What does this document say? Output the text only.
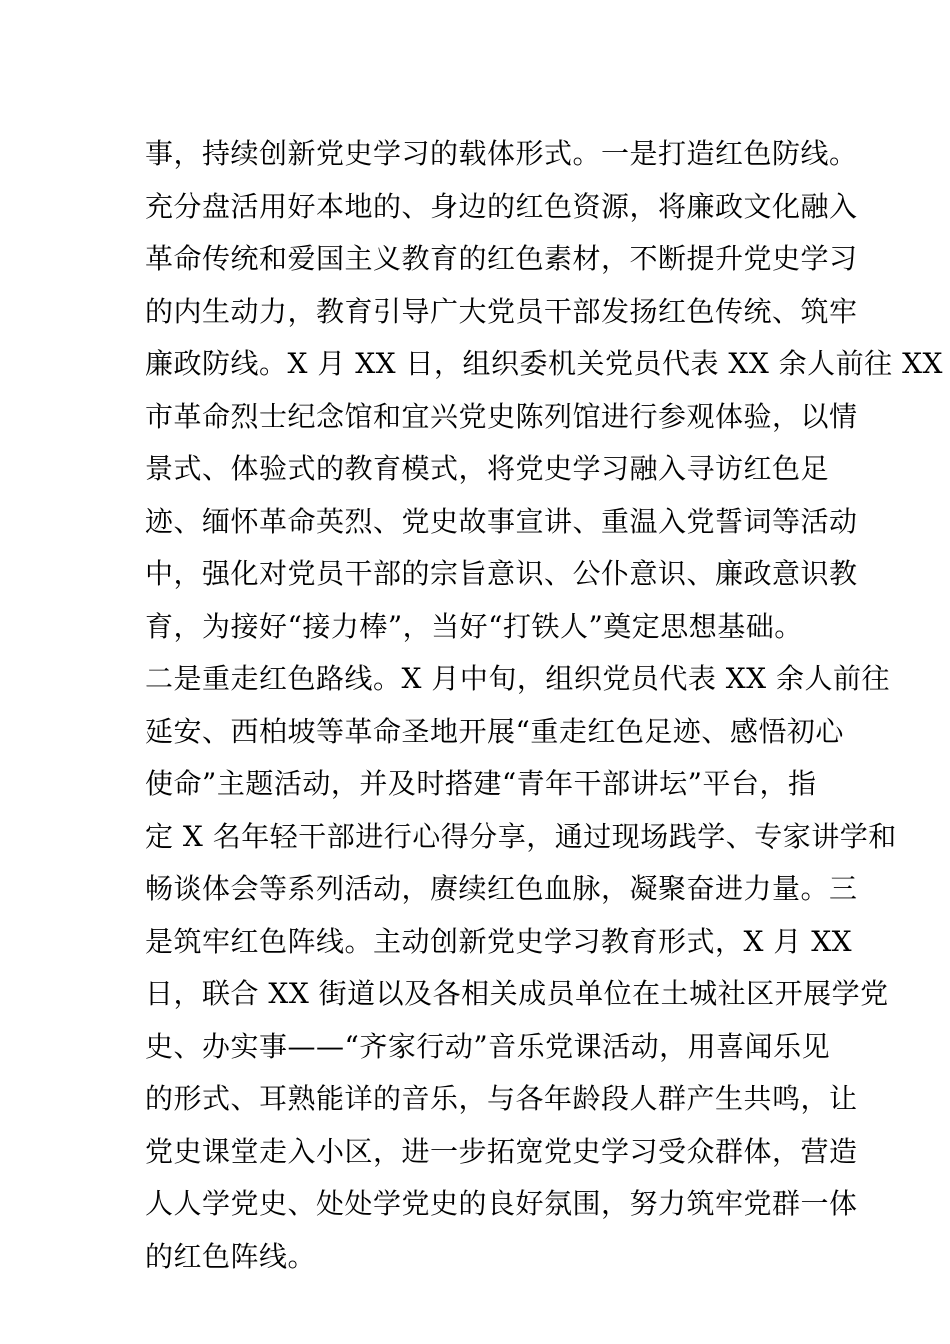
事，持续创新党史学习的载体形式。一是打造红色防线。
充分盘活用好本地的、身边的红色资源，将廉政文化融入
革命传统和爱国主义教育的红色素材，不断提升党史学习
的内生动力，教育引导广大党员干部发扬红色传统、筑牢
廉政防线。X 月 XX 日，组织委机关党员代表 XX 余人前往 XX
市革命烈士纪念馆和宜兴党史陈列馆进行参观体验，以情
景式、体验式的教育模式，将党史学习融入寻访红色足
迹、缅怀革命英烈、党史故事宣讲、重温入党誓词等活动
中，强化对党员干部的宗旨意识、公仆意识、廉政意识教
育，为接好“接力棒”，当好“打铁人”奠定思想基础。
二是重走红色路线。X 月中旬，组织党员代表 XX 余人前往
延安、西柏坡等革命圣地开展“重走红色足迹、感悟初心
使命”主题活动，并及时搭建“青年干部讲坛”平台，指
定 X 名年轻干部进行心得分享，通过现场践学、专家讲学和
畅谈体会等系列活动，赓续红色血脉，凝聚奋进力量。三
是筑牢红色阵线。主动创新党史学习教育形式，X 月 XX
日，联合 XX 街道以及各相关成员单位在土城社区开展学党
史、办实事——“齐家行动”音乐党课活动，用喜闻乐见
的形式、耳熟能详的音乐，与各年龄段人群产生共鸣，让
党史课堂走入小区，进一步拓宽党史学习受众群体，营造
人人学党史、处处学党史的良好氛围，努力筑牢党群一体
的红色阵线。
